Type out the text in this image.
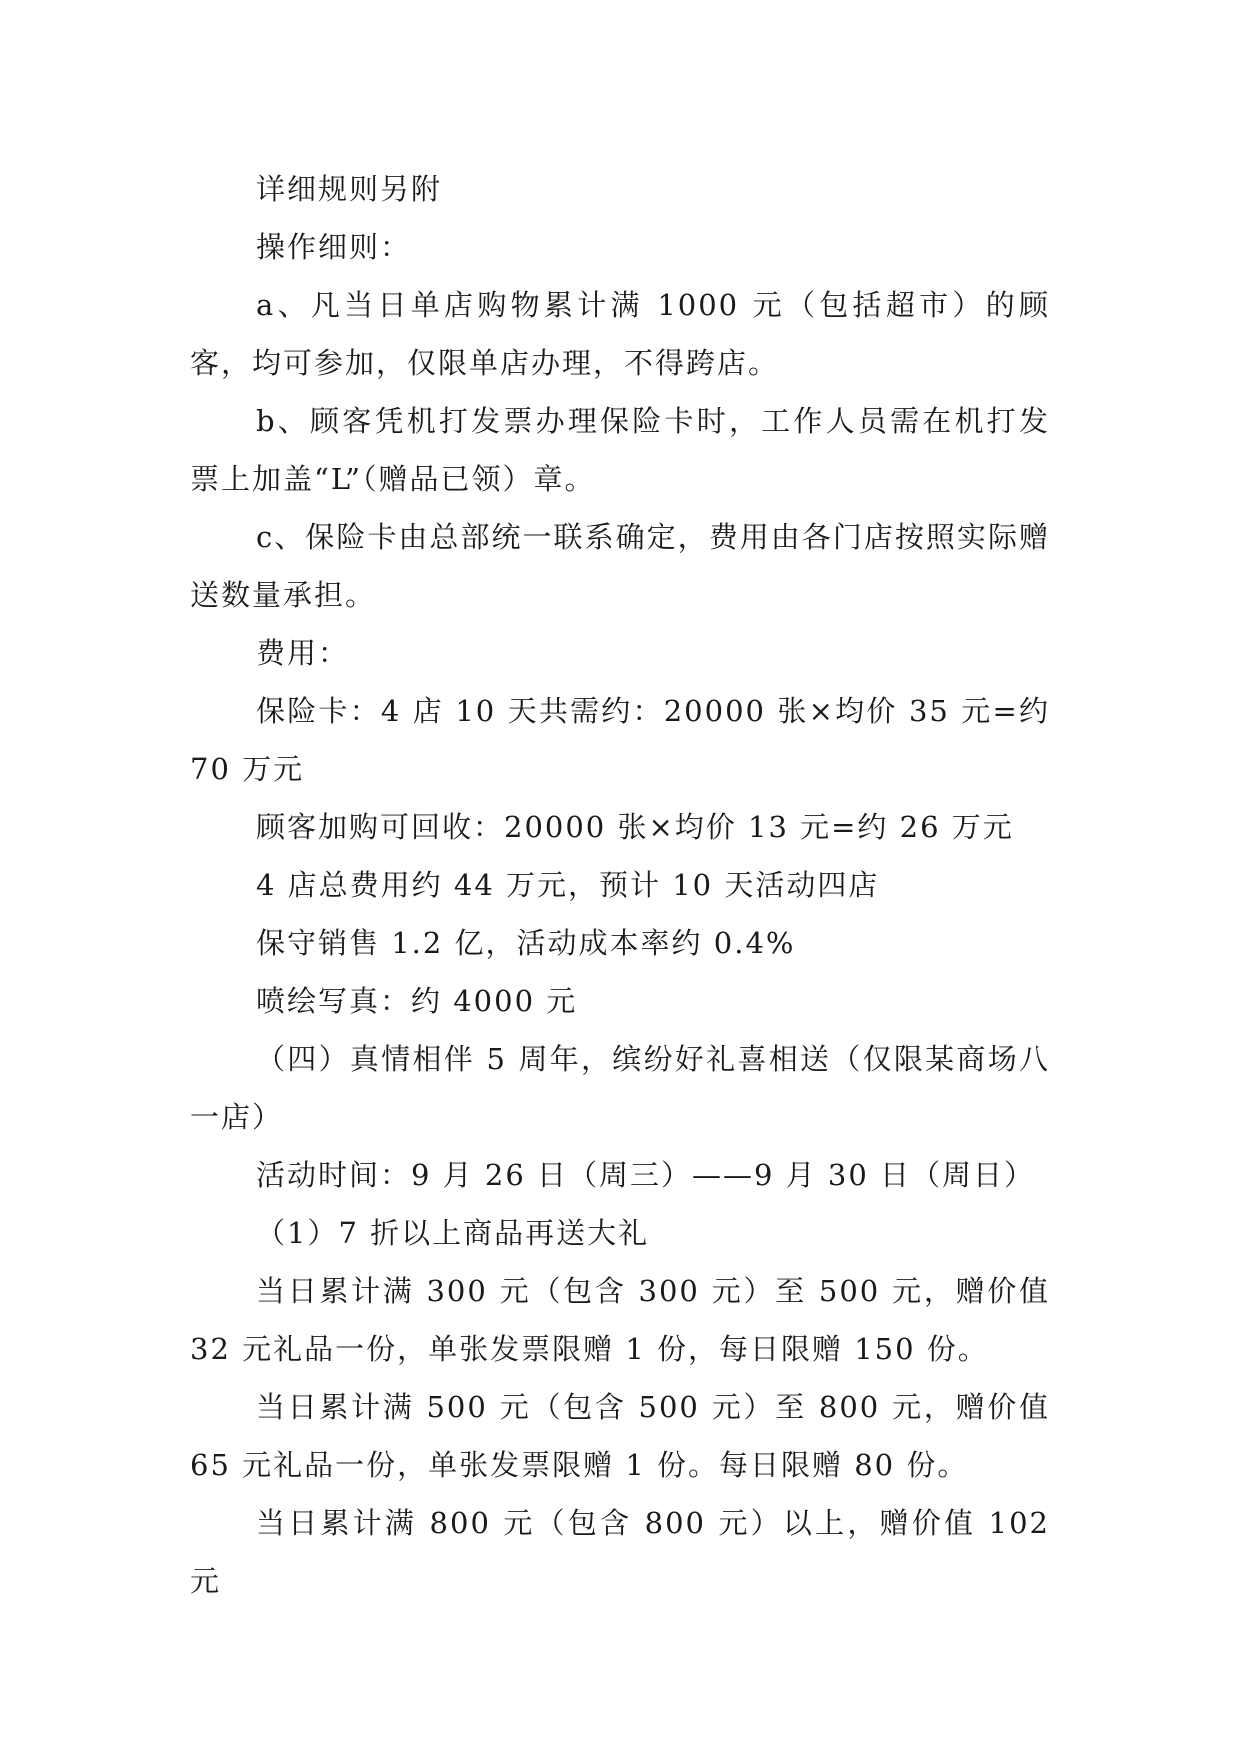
详细规则另附

操作细则：

a、凡当日单店购物累计满 1000 元（包括超市）的顾客，均可参加，仅限单店办理，不得跨店。

b、顾客凭机打发票办理保险卡时，工作人员需在机打发票上加盖“L”（赠品已领）章。

c、保险卡由总部统一联系确定，费用由各门店按照实际赠送数量承担。

费用：

保险卡：4 店 10 天共需约：20000 张×均价 35 元=约 70 万元

顾客加购可回收：20000 张×均价 13 元=约 26 万元

4 店总费用约 44 万元，预计 10 天活动四店

保守销售 1.2 亿，活动成本率约 0.4%

喷绘写真：约 4000 元

（四）真情相伴 5 周年，缤纷好礼喜相送（仅限某商场八一店）

活动时间：9 月 26 日（周三）——9 月 30 日（周日）

（1）7 折以上商品再送大礼

当日累计满 300 元（包含 300 元）至 500 元，赠价值 32 元礼品一份，单张发票限赠 1 份，每日限赠 150 份。

当日累计满 500 元（包含 500 元）至 800 元，赠价值 65 元礼品一份，单张发票限赠 1 份。每日限赠 80 份。

当日累计满 800 元（包含 800 元）以上，赠价值 102 元
